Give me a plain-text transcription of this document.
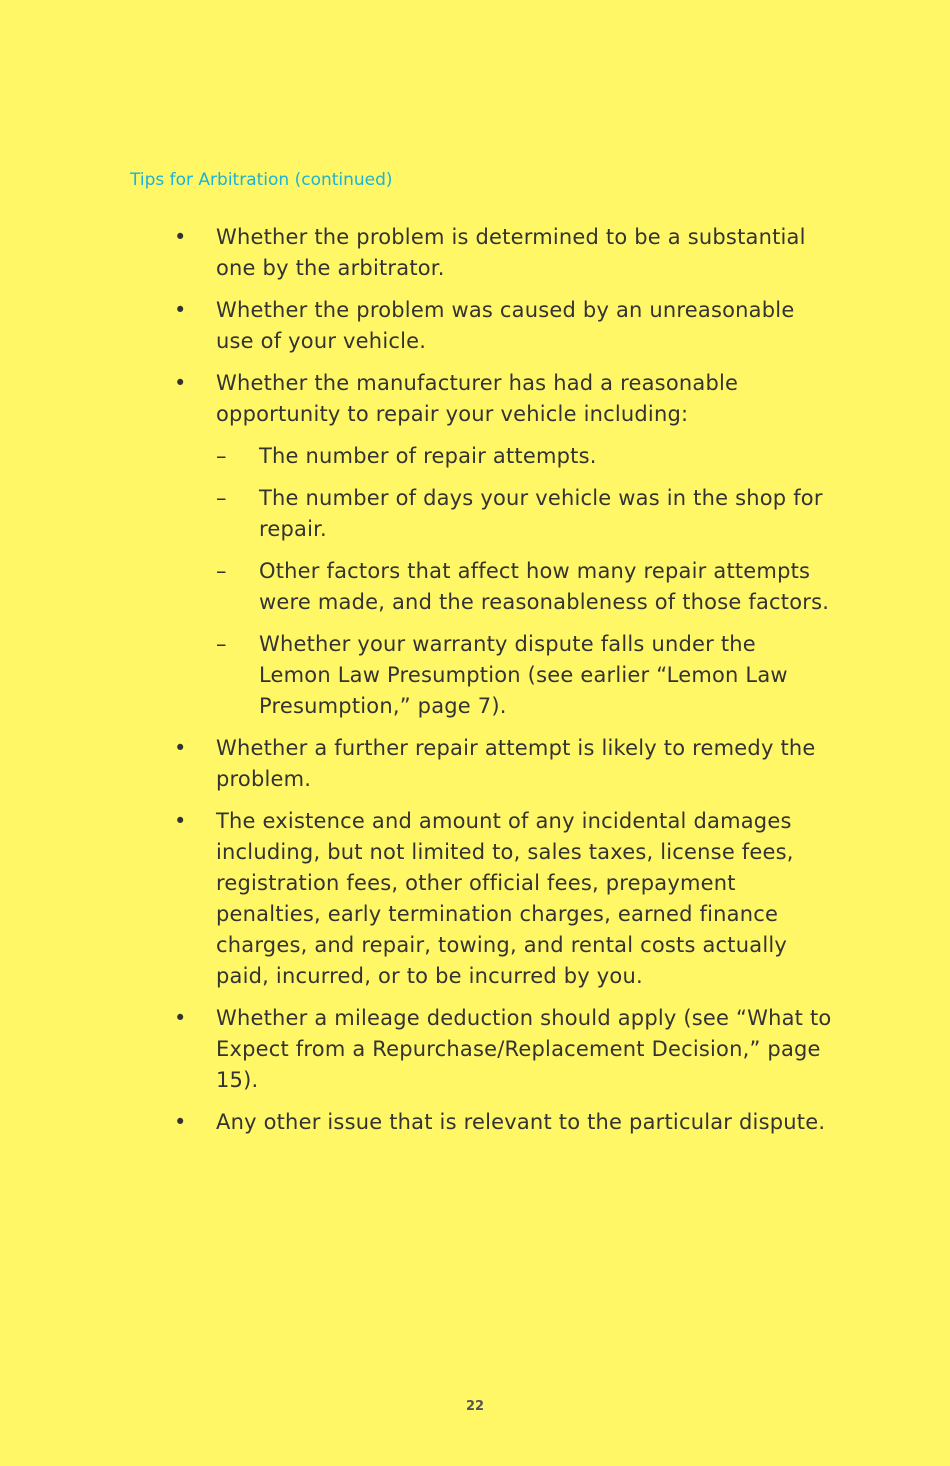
Tips for Arbitration (continued)
• Whether the problem is determined to be a substantial one by the arbitrator.
• Whether the problem was caused by an unreasonable use of your vehicle.
• Whether the manufacturer has had a reasonable opportunity to repair your vehicle including:
– The number of repair attempts.
– The number of days your vehicle was in the shop for repair.
– Other factors that affect how many repair attempts were made, and the reasonableness of those factors.
– Whether your warranty dispute falls under the Lemon Law Presumption (see earlier “Lemon Law Presumption,” page 7).
• Whether a further repair attempt is likely to remedy the problem.
• The existence and amount of any incidental damages including, but not limited to, sales taxes, license fees, registration fees, other official fees, prepayment penalties, early termination charges, earned finance charges, and repair, towing, and rental costs actually paid, incurred, or to be incurred by you.
• Whether a mileage deduction should apply (see “What to Expect from a Repurchase/Replacement Decision,” page 15).
• Any other issue that is relevant to the particular dispute.
22
